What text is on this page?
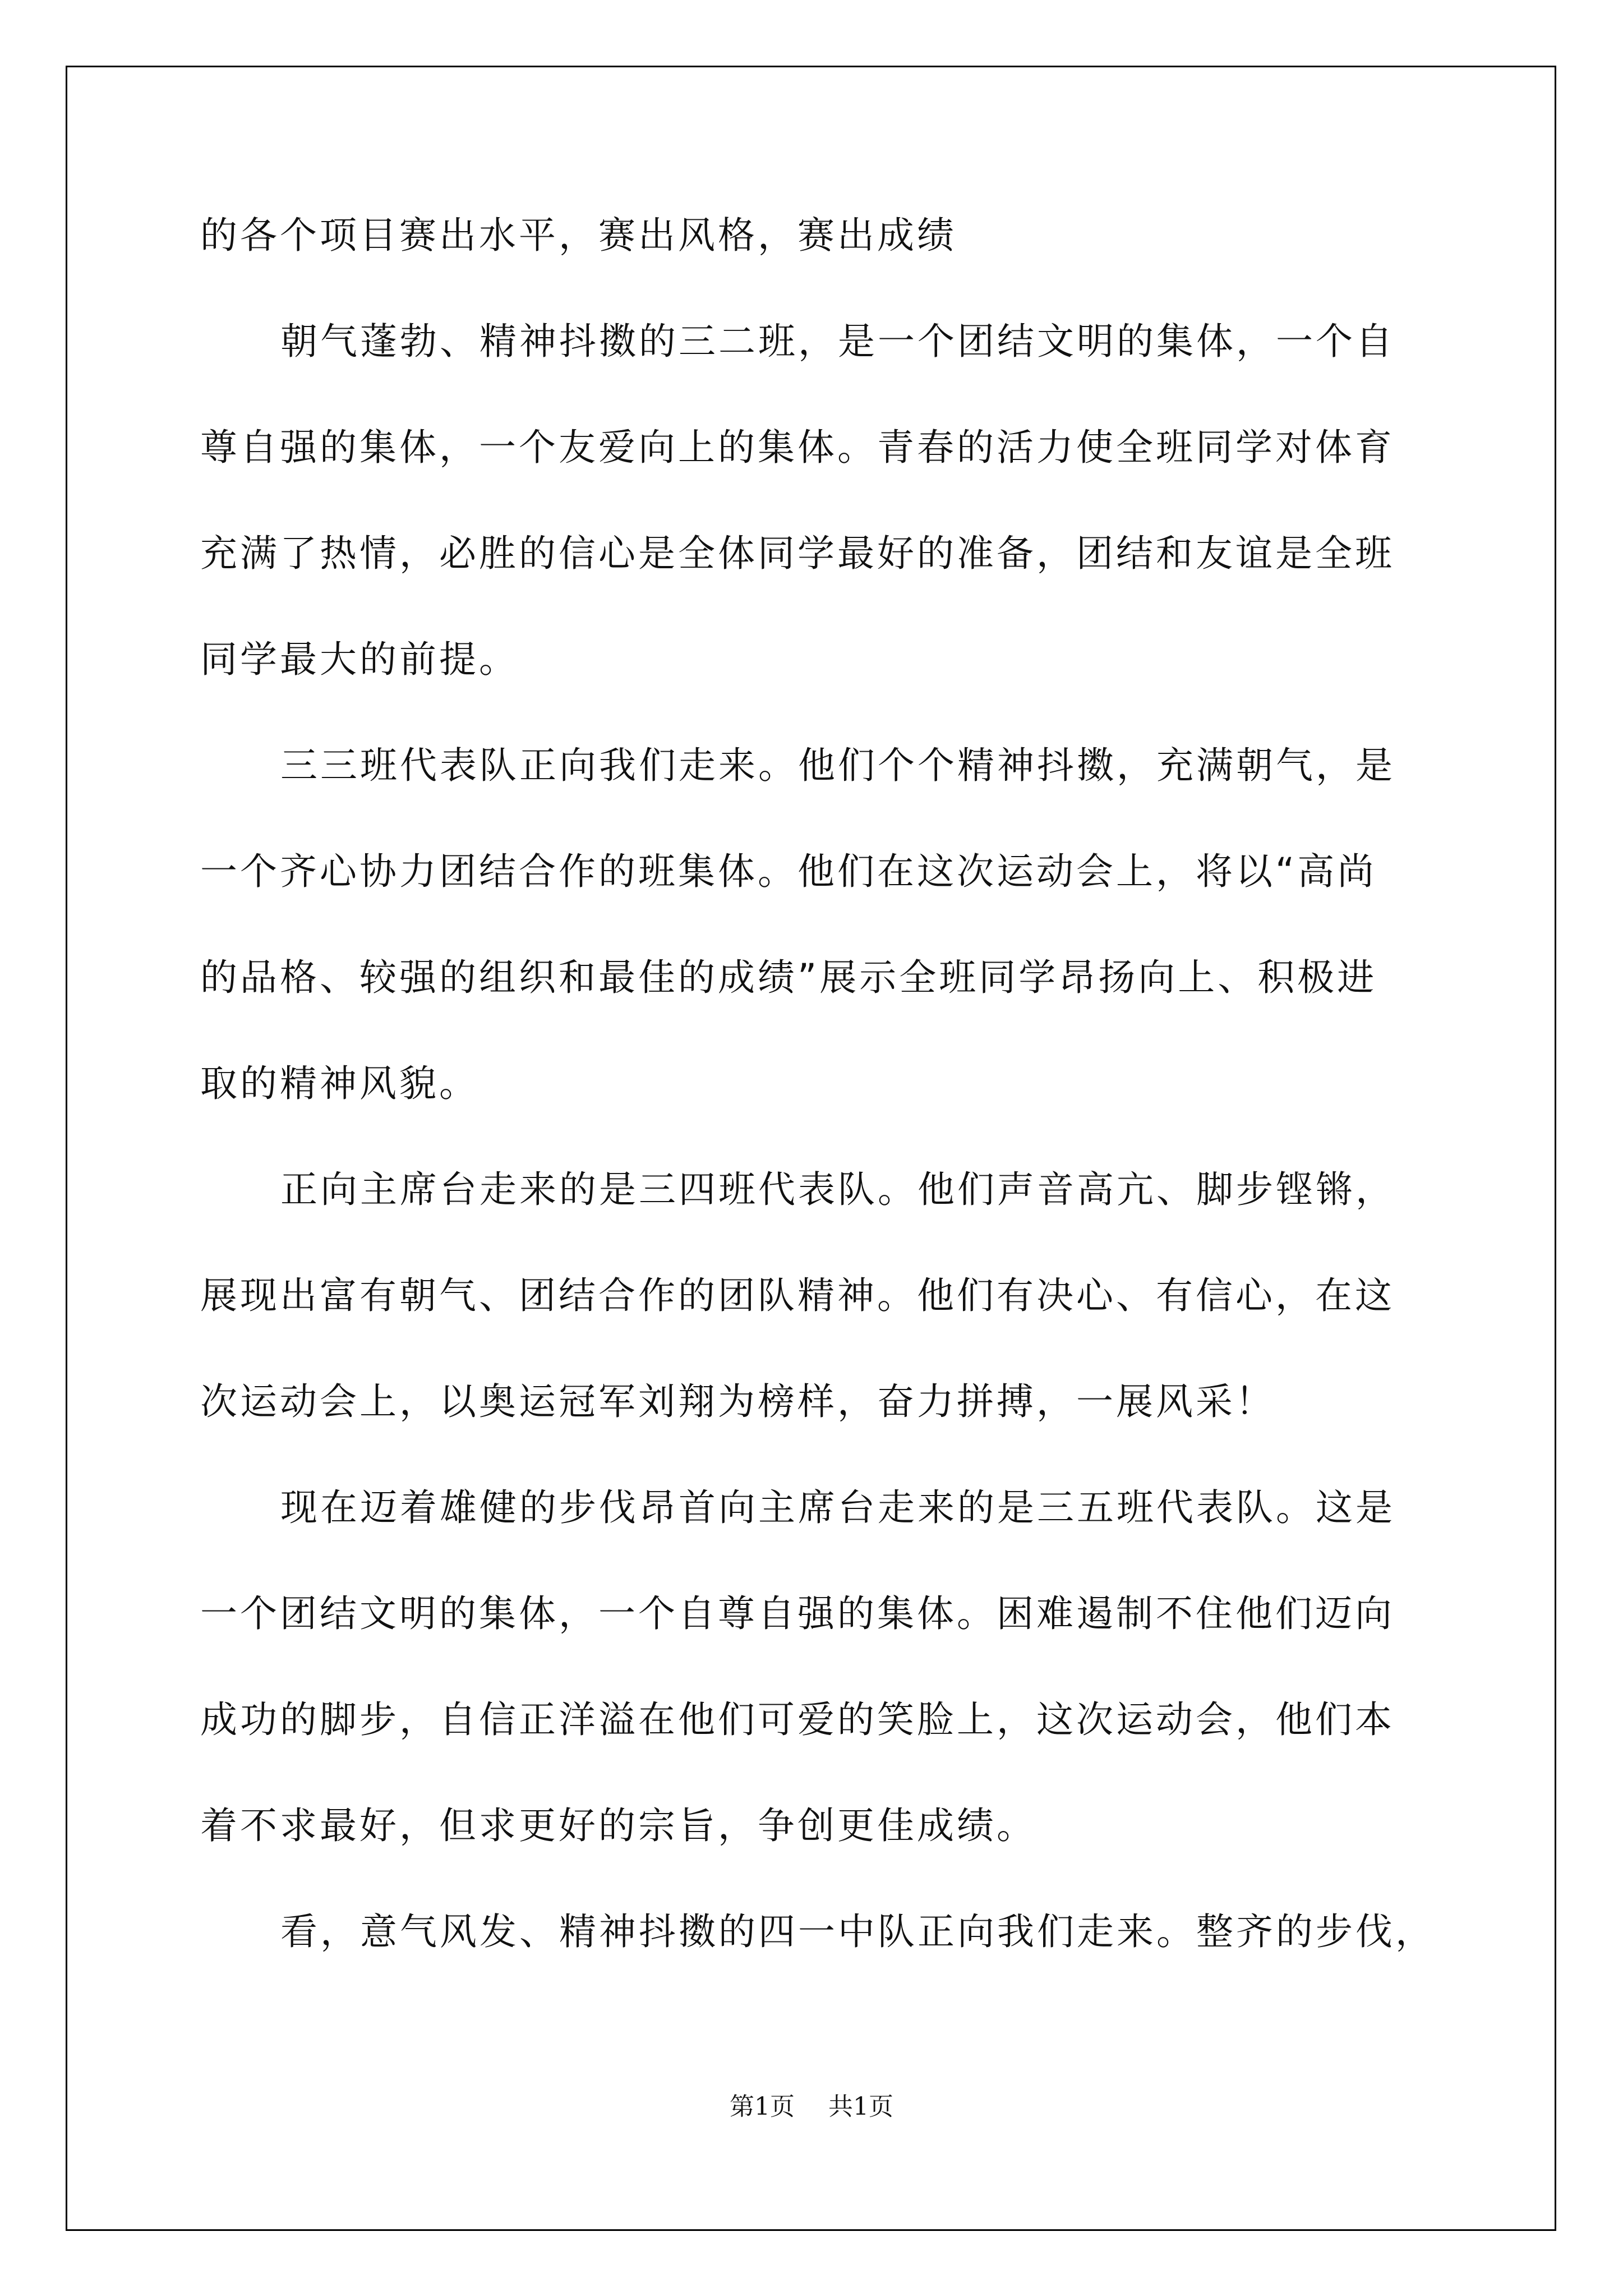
的各个项目赛出水平，赛出风格，赛出成绩
朝气蓬勃、精神抖擞的三二班，是一个团结文明的集体，一个自
尊自强的集体，一个友爱向上的集体。青春的活力使全班同学对体育
充满了热情，必胜的信心是全体同学最好的准备，团结和友谊是全班
同学最大的前提。
三三班代表队正向我们走来。他们个个精神抖擞，充满朝气，是
一个齐心协力团结合作的班集体。他们在这次运动会上，将以“高尚
的品格、较强的组织和最佳的成绩”展示全班同学昂扬向上、积极进
取的精神风貌。
正向主席台走来的是三四班代表队。他们声音高亢、脚步铿锵，
展现出富有朝气、团结合作的团队精神。他们有决心、有信心，在这
次运动会上，以奥运冠军刘翔为榜样，奋力拼搏，一展风采！
现在迈着雄健的步伐昂首向主席台走来的是三五班代表队。这是
一个团结文明的集体，一个自尊自强的集体。困难遏制不住他们迈向
成功的脚步，自信正洋溢在他们可爱的笑脸上，这次运动会，他们本
着不求最好，但求更好的宗旨，争创更佳成绩。
看，意气风发、精神抖擞的四一中队正向我们走来。整齐的步伐，
第1页 共1页
